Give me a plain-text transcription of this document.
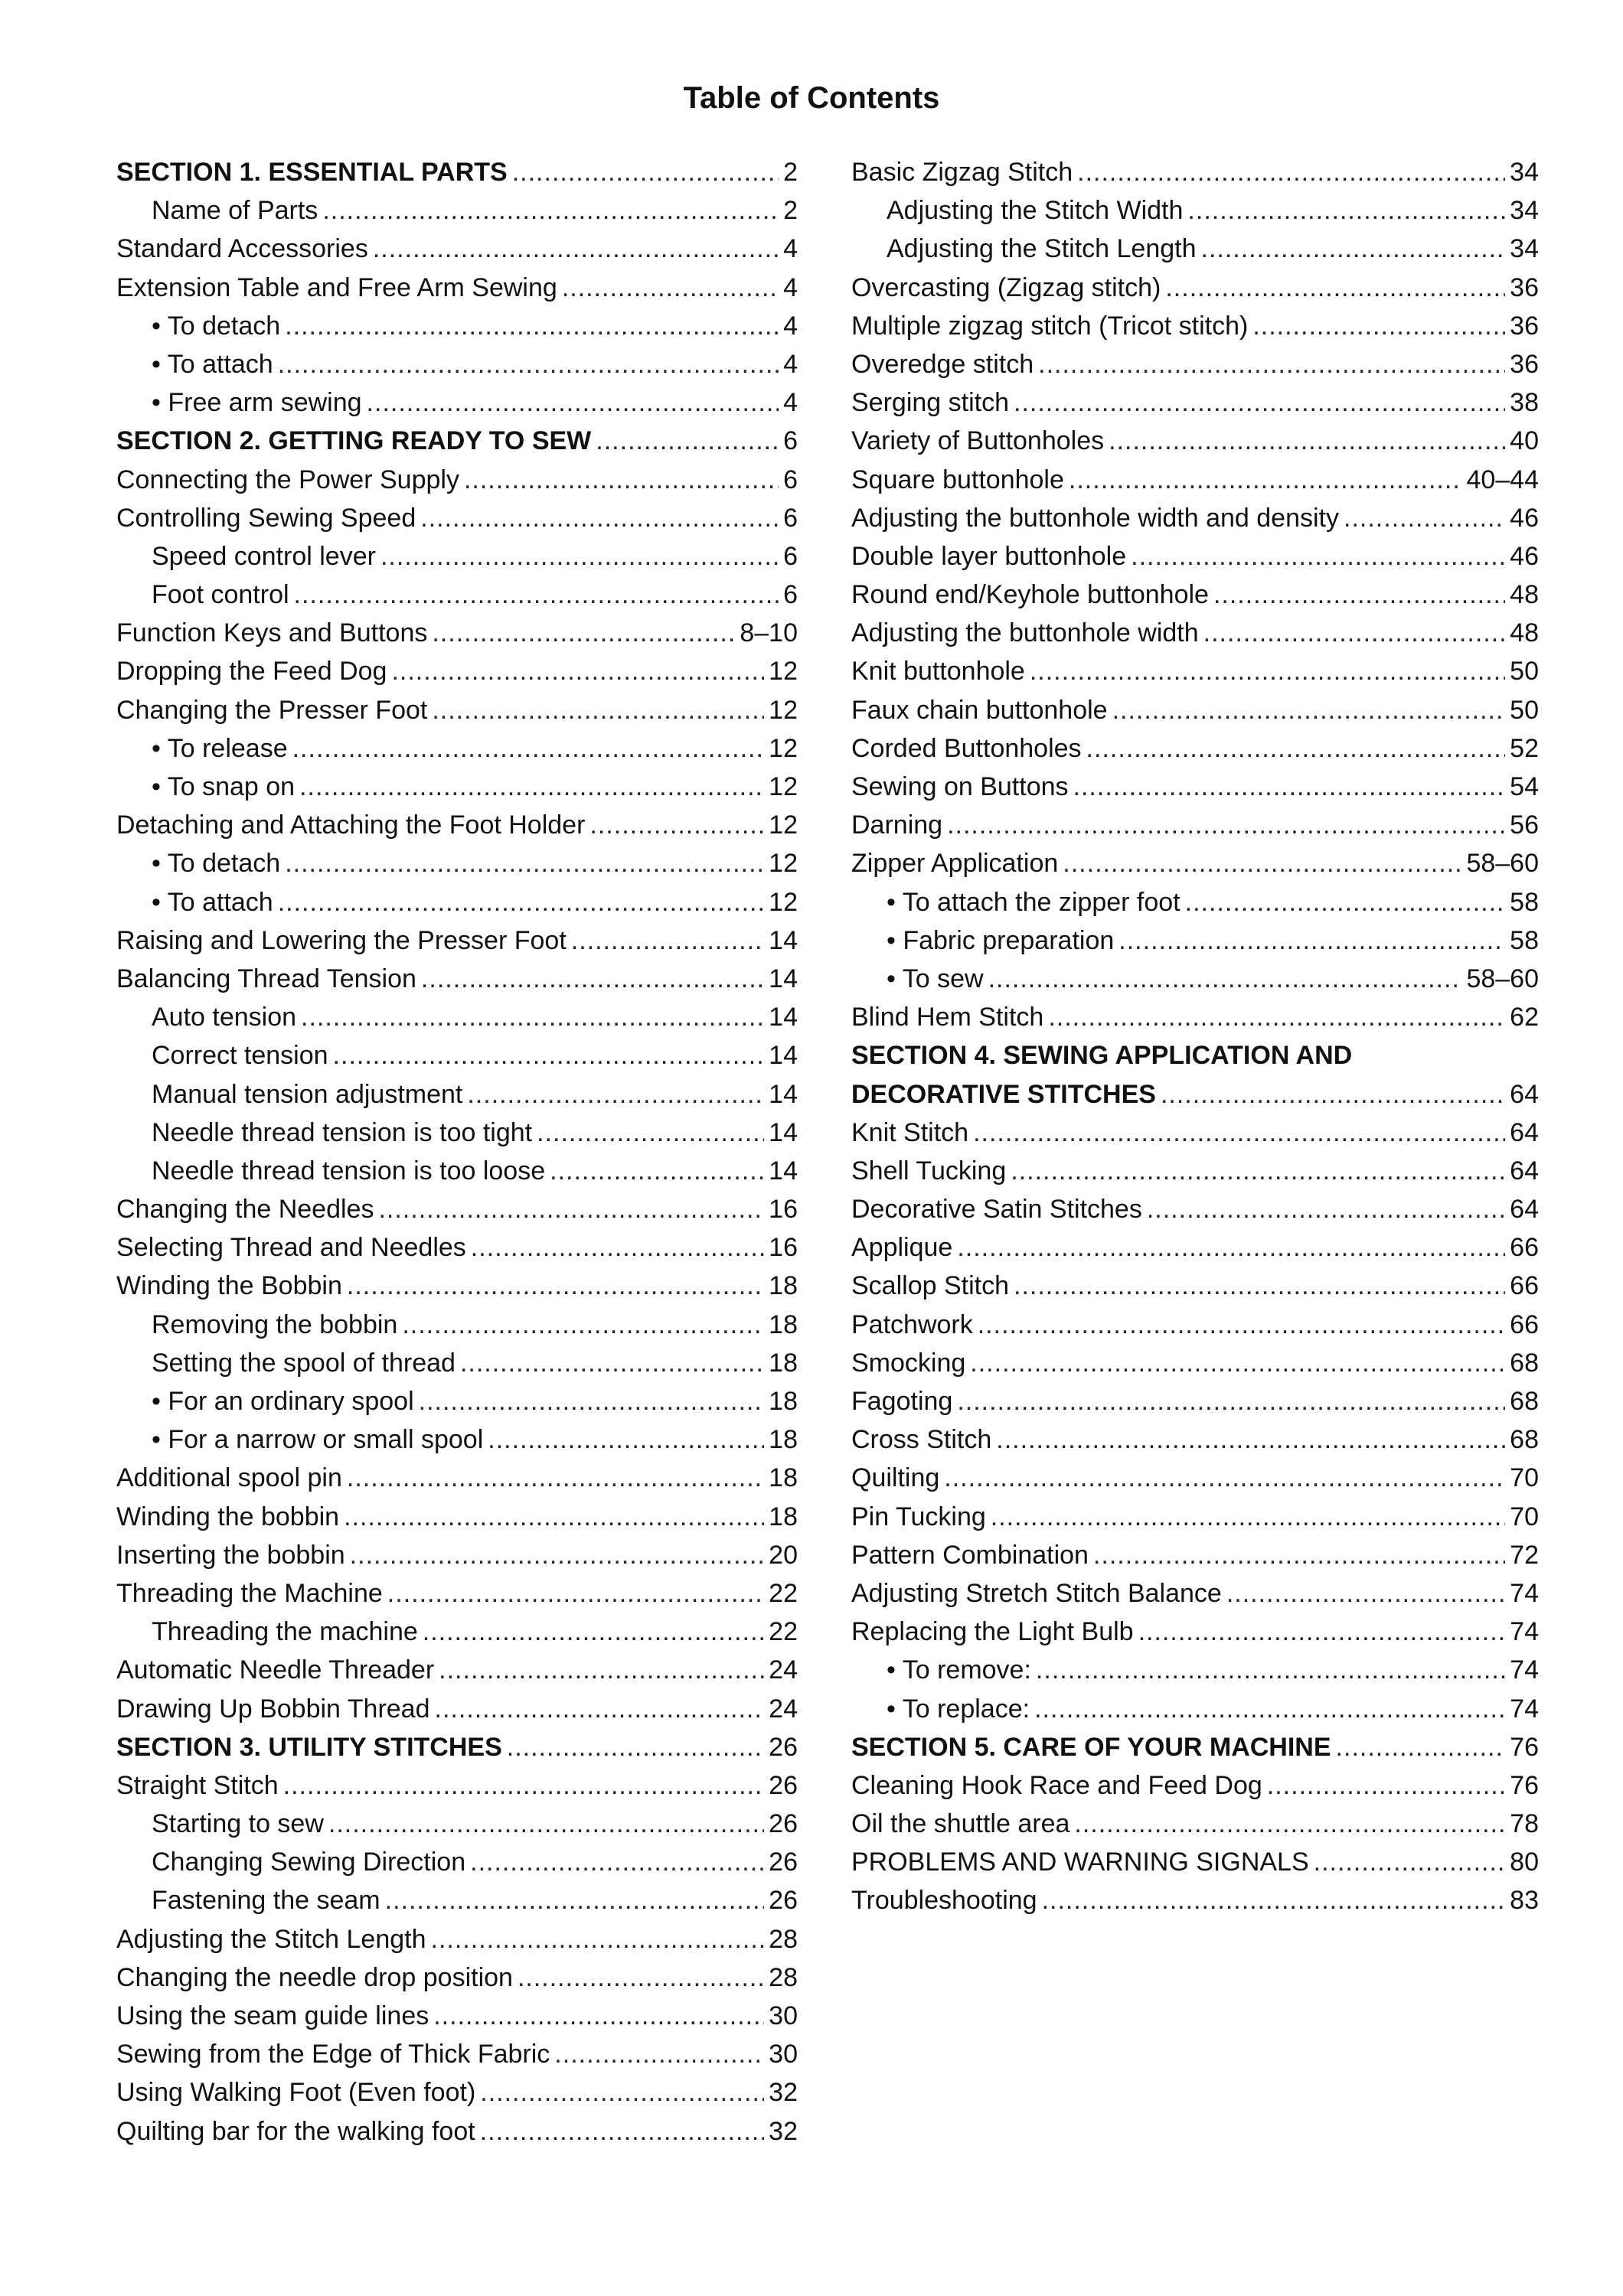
Table of Contents
SECTION 1. ESSENTIAL PARTS .....	2
Name of Parts .....	2
Standard Accessories .....	4
Extension Table and Free Arm Sewing .....	4
• To detach .....	4
• To attach .....	4
• Free arm sewing .....	4
SECTION 2. GETTING READY TO SEW .....	6
Connecting the Power Supply .....	6
Controlling Sewing Speed .....	6
Speed control lever .....	6
Foot control .....	6
Function Keys and Buttons .....	8–10
Dropping the Feed Dog .....	12
Changing the Presser Foot .....	12
• To release .....	12
• To snap on .....	12
Detaching and Attaching the Foot Holder .....	12
• To detach .....	12
• To attach .....	12
Raising and Lowering the Presser Foot .....	14
Balancing Thread Tension .....	14
Auto tension .....	14
Correct tension .....	14
Manual tension adjustment .....	14
Needle thread tension is too tight .....	14
Needle thread tension is too loose .....	14
Changing the Needles .....	16
Selecting Thread and Needles .....	16
Winding the Bobbin .....	18
Removing the bobbin .....	18
Setting the spool of thread .....	18
• For an ordinary spool .....	18
• For a narrow or small spool .....	18
Additional spool pin .....	18
Winding the bobbin .....	18
Inserting the bobbin .....	20
Threading the Machine .....	22
Threading the machine .....	22
Automatic Needle Threader .....	24
Drawing Up Bobbin Thread .....	24
SECTION 3. UTILITY STITCHES .....	26
Straight Stitch .....	26
Starting to sew .....	26
Changing Sewing Direction .....	26
Fastening the seam .....	26
Adjusting the Stitch Length .....	28
Changing the needle drop position .....	28
Using the seam guide lines .....	30
Sewing from the Edge of Thick Fabric .....	30
Using Walking Foot (Even foot) .....	32
Quilting bar for the walking foot .....	32
Basic Zigzag Stitch .....	34
Adjusting the Stitch Width .....	34
Adjusting the Stitch Length .....	34
Overcasting (Zigzag stitch) .....	36
Multiple zigzag stitch (Tricot stitch) .....	36
Overedge stitch .....	36
Serging stitch .....	38
Variety of Buttonholes .....	40
Square buttonhole .....	40–44
Adjusting the buttonhole width and density .....	46
Double layer buttonhole .....	46
Round end/Keyhole buttonhole .....	48
Adjusting the buttonhole width .....	48
Knit buttonhole .....	50
Faux chain buttonhole .....	50
Corded Buttonholes .....	52
Sewing on Buttons .....	54
Darning .....	56
Zipper Application .....	58–60
• To attach the zipper foot .....	58
• Fabric preparation .....	58
• To sew .....	58–60
Blind Hem Stitch .....	62
SECTION 4. SEWING APPLICATION AND
DECORATIVE STITCHES .....	64
Knit Stitch .....	64
Shell Tucking .....	64
Decorative Satin Stitches .....	64
Applique .....	66
Scallop Stitch .....	66
Patchwork .....	66
Smocking .....	68
Fagoting .....	68
Cross Stitch .....	68
Quilting .....	70
Pin Tucking .....	70
Pattern Combination .....	72
Adjusting Stretch Stitch Balance .....	74
Replacing the Light Bulb .....	74
• To remove: .....	74
• To replace: .....	74
SECTION 5. CARE OF YOUR MACHINE .....	76
Cleaning Hook Race and Feed Dog .....	76
Oil the shuttle area .....	78
PROBLEMS AND WARNING SIGNALS .....	80
Troubleshooting .....	83
